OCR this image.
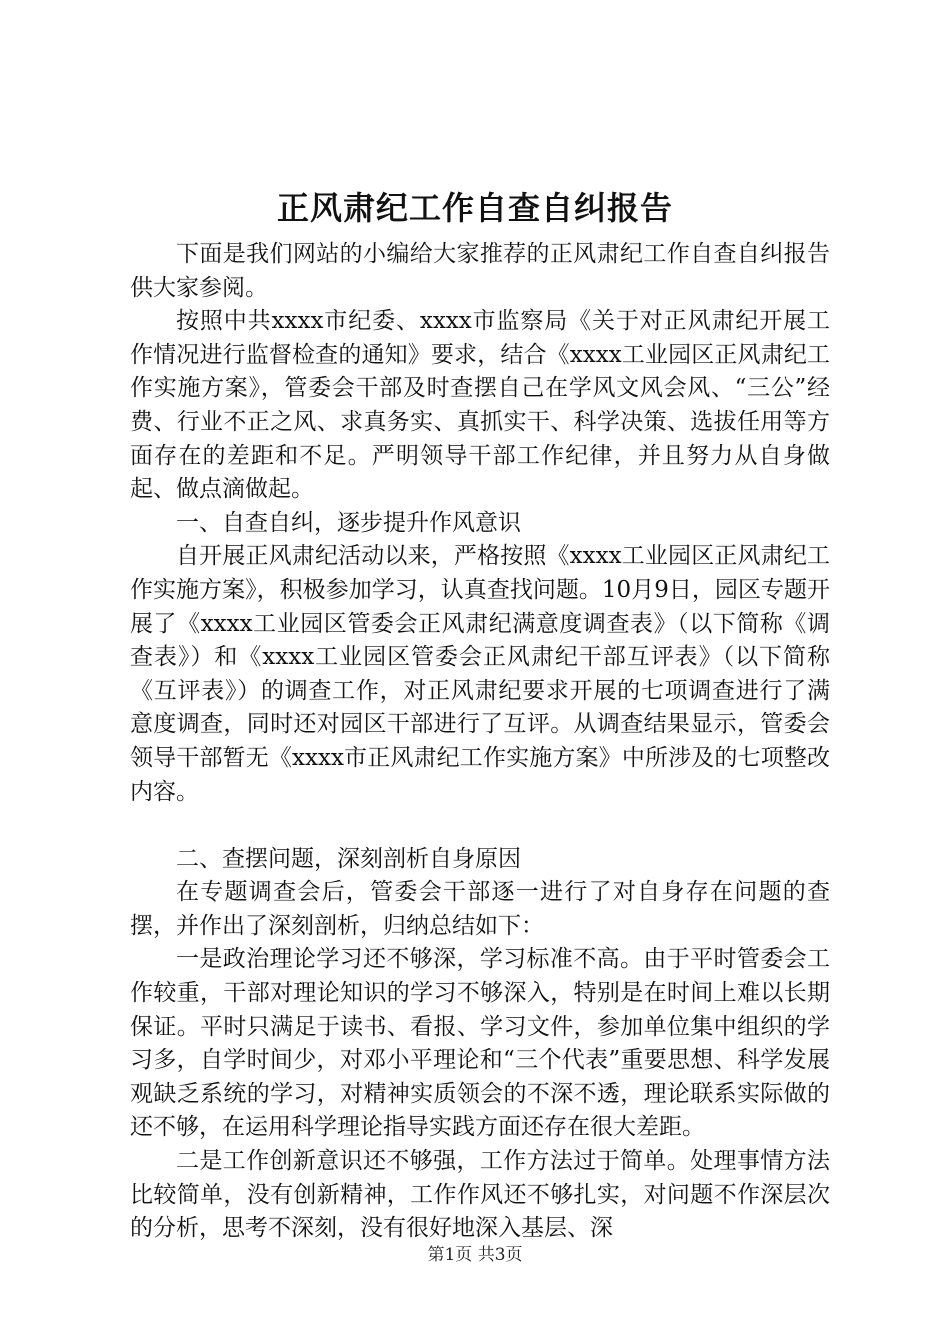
正风肃纪工作自查自纠报告

下面是我们网站的小编给大家推荐的正风肃纪工作自查自纠报告供大家参阅。

按照中共xxxx市纪委、xxxx市监察局《关于对正风肃纪开展工作情况进行监督检查的通知》要求，结合《xxxx工业园区正风肃纪工作实施方案》，管委会干部及时查摆自己在学风文风会风、“三公”经费、行业不正之风、求真务实、真抓实干、科学决策、选拔任用等方面存在的差距和不足。严明领导干部工作纪律，并且努力从自身做起、做点滴做起。

一、自查自纠，逐步提升作风意识

自开展正风肃纪活动以来，严格按照《xxxx工业园区正风肃纪工作实施方案》，积极参加学习，认真查找问题。10月9日，园区专题开展了《xxxx工业园区管委会正风肃纪满意度调查表》（以下简称《调查表》）和《xxxx工业园区管委会正风肃纪干部互评表》（以下简称《互评表》）的调查工作，对正风肃纪要求开展的七项调查进行了满意度调查，同时还对园区干部进行了互评。从调查结果显示，管委会领导干部暂无《xxxx市正风肃纪工作实施方案》中所涉及的七项整改内容。

二、查摆问题，深刻剖析自身原因

在专题调查会后，管委会干部逐一进行了对自身存在问题的查摆，并作出了深刻剖析，归纳总结如下：

一是政治理论学习还不够深，学习标准不高。由于平时管委会工作较重，干部对理论知识的学习不够深入，特别是在时间上难以长期保证。平时只满足于读书、看报、学习文件，参加单位集中组织的学习多，自学时间少，对邓小平理论和“三个代表”重要思想、科学发展观缺乏系统的学习，对精神实质领会的不深不透，理论联系实际做的还不够，在运用科学理论指导实践方面还存在很大差距。

二是工作创新意识还不够强，工作方法过于简单。处理事情方法比较简单，没有创新精神，工作作风还不够扎实，对问题不作深层次的分析，思考不深刻，没有很好地深入基层、深

第1页 共3页
